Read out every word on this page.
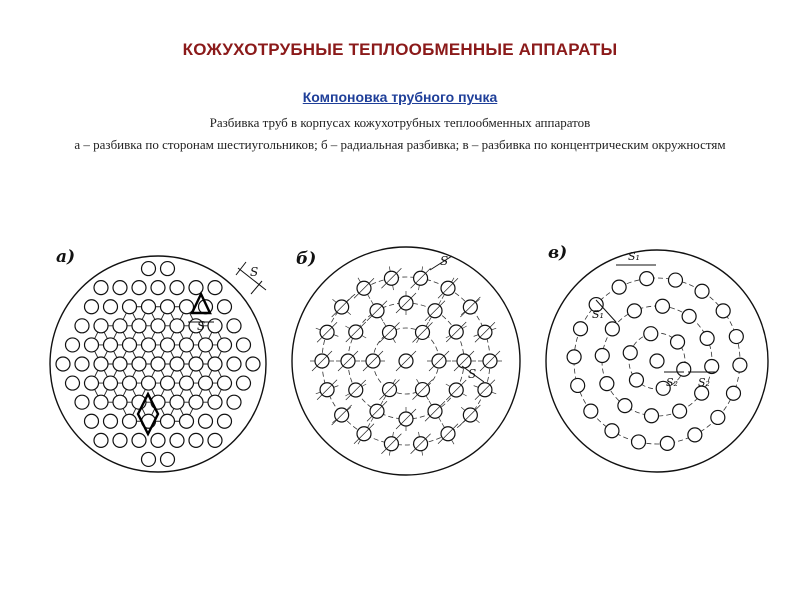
КОЖУХОТРУБНЫЕ ТЕПЛООБМЕННЫЕ АППАРАТЫ
Компоновка трубного пучка
Разбивка труб в корпусах кожухотрубных теплообменных аппаратов
а – разбивка по сторонам шестиугольников; б – радиальная разбивка; в – разбивка по концентрическим окружностям
а)
S
S
б)	S
S
в)	S₁
S₁
S₂ S₂
